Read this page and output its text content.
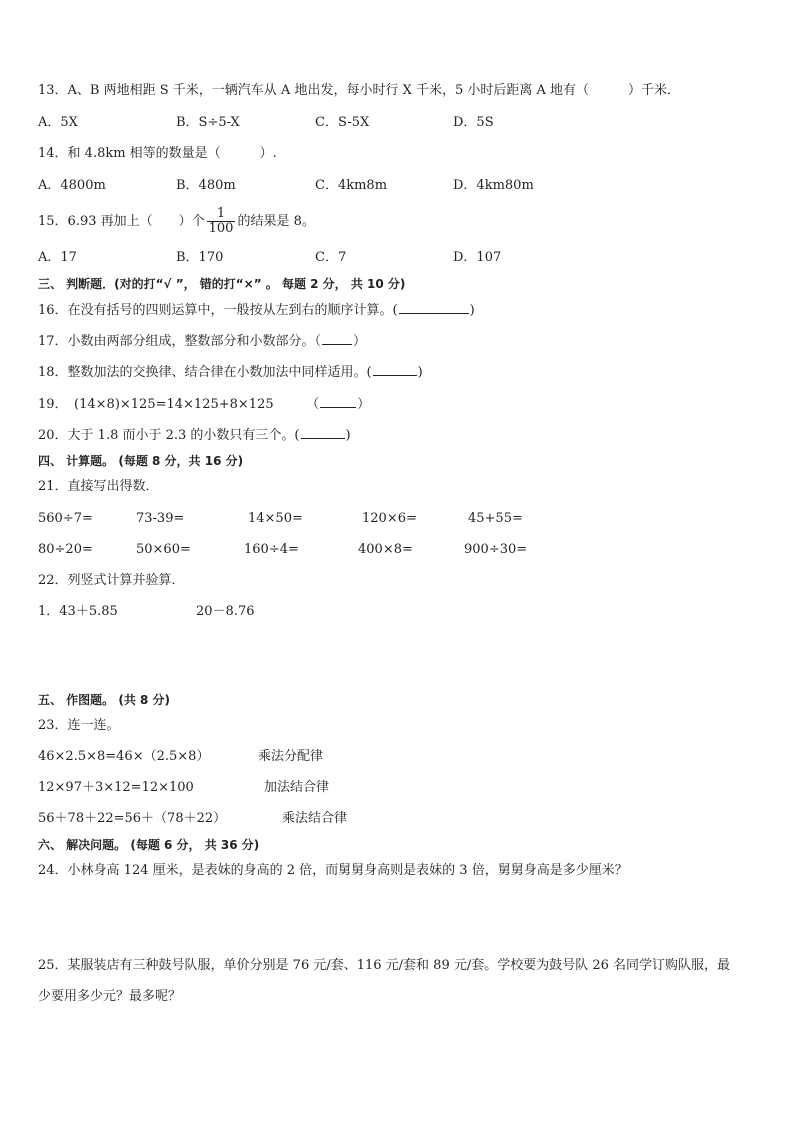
13．A、B 两地相距 S 千米，一辆汽车从 A 地出发，每小时行 X 千米，5 小时后距离 A 地有（　　　）千米．
A．5X	B．S÷5-X	C．S-5X	D．5S
14．和 4.8km 相等的数量是（　　　）.
A．4800m	B．480m	C．4km8m	D．4km80m
15．6.93 再加上（　　）个 $\frac{1}{100}$ 的结果是 8。
A．17	B．170	C．7	D．107
三、 判断题．(对的打“√ ”， 错的打“×” 。 每题 2 分， 共 10 分)
16．在没有括号的四则运算中，一般按从左到右的顺序计算。(	)
17．小数由两部分组成，整数部分和小数部分。（ ）
18．整数加法的交换律、结合律在小数加法中同样适用。(	)
19．　(14×8)×125=14×125+8×125　　　（	）
20．大于 1.8 而小于 2.3 的小数只有三个。(	)
四、 计算题。 (每题 8 分，共 16 分)
21．直接写出得数．
560÷7=	73-39=	14×50=	120×6=	45+55=
80÷20=	50×60=	160÷4=	400×8=	900÷30=
22．列竖式计算并验算．
1．43＋5.85	20－8.76
五、 作图题。 (共 8 分)
23．连一连。
46×2.5×8=46×（2.5×8）	乘法分配律
12×97＋3×12=12×100	加法结合律
56＋78＋22=56＋（78＋22）	乘法结合律
六、 解决问题。 (每题 6 分， 共 36 分)
24．小林身高 124 厘米，是表妹的身高的 2 倍，而舅舅身高则是表妹的 3 倍，舅舅身高是多少厘米？
25．某服装店有三种鼓号队服，单价分别是 76 元/套、116 元/套和 89 元/套。学校要为鼓号队 26 名同学订购队服，最
少要用多少元？最多呢？
